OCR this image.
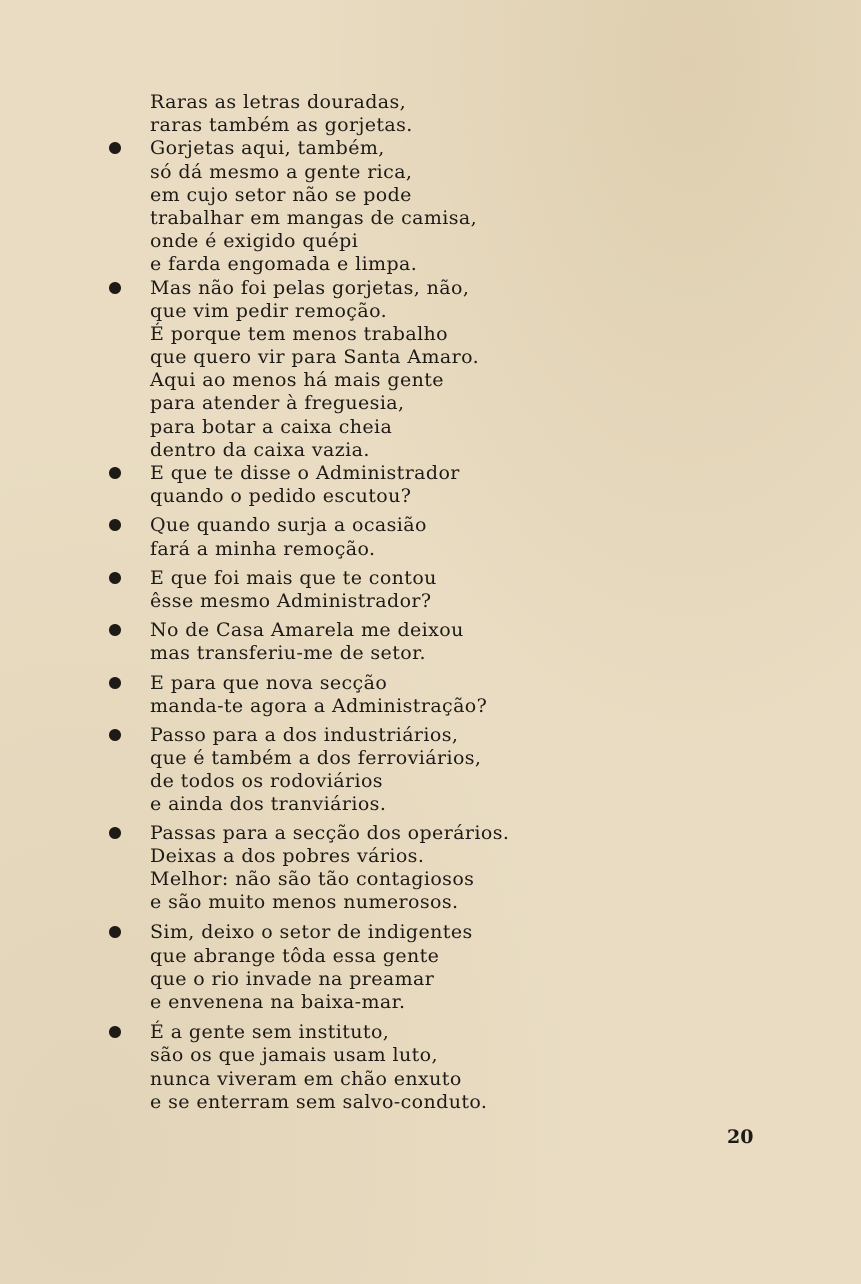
Raras as letras douradas,
raras também as gorjetas.
Gorjetas aqui, também,
só dá mesmo a gente rica,
em cujo setor não se pode
trabalhar em mangas de camisa,
onde é exigido quépi
e farda engomada e limpa.
Mas não foi pelas gorjetas, não,
que vim pedir remoção.
É porque tem menos trabalho
que quero vir para Santa Amaro.
Aqui ao menos há mais gente
para atender à freguesia,
para botar a caixa cheia
dentro da caixa vazia.
E que te disse o Administrador
quando o pedido escutou?
Que quando surja a ocasião
fará a minha remoção.
E que foi mais que te contou
êsse mesmo Administrador?
No de Casa Amarela me deixou
mas transferiu-me de setor.
E para que nova secção
manda-te agora a Administração?
Passo para a dos industriários,
que é também a dos ferroviários,
de todos os rodoviários
e ainda dos tranviários.
Passas para a secção dos operários.
Deixas a dos pobres vários.
Melhor: não são tão contagiosos
e são muito menos numerosos.
Sim, deixo o setor de indigentes
que abrange tôda essa gente
que o rio invade na preamar
e envenena na baixa-mar.
É a gente sem instituto,
são os que jamais usam luto,
nunca viveram em chão enxuto
e se enterram sem salvo-conduto.
20
